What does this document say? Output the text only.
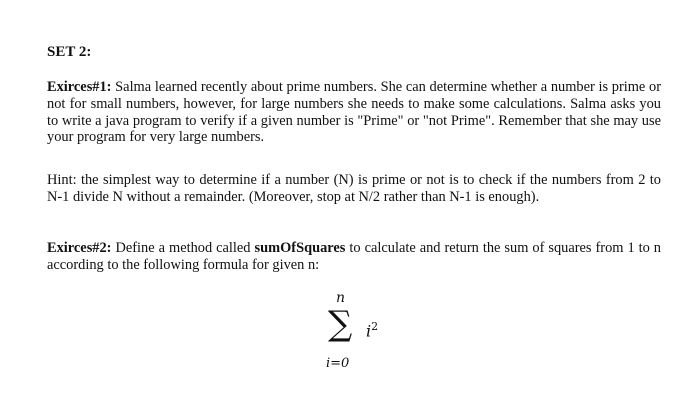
SET 2:

Exirces#1: Salma learned recently about prime numbers. She can determine whether a number is prime or not for small numbers, however, for large numbers she needs to make some calculations. Salma asks you to write a java program to verify if a given number is "Prime" or "not Prime". Remember that she may use your program for very large numbers.

Hint: the simplest way to determine if a number (N) is prime or not is to check if the numbers from 2 to N-1 divide N without a remainder. (Moreover, stop at N/2 rather than N-1 is enough).

Exirces#2: Define a method called sumOfSquares to calculate and return the sum of squares from 1 to n according to the following formula for given n:

n
∑ $i^2$
i=0
